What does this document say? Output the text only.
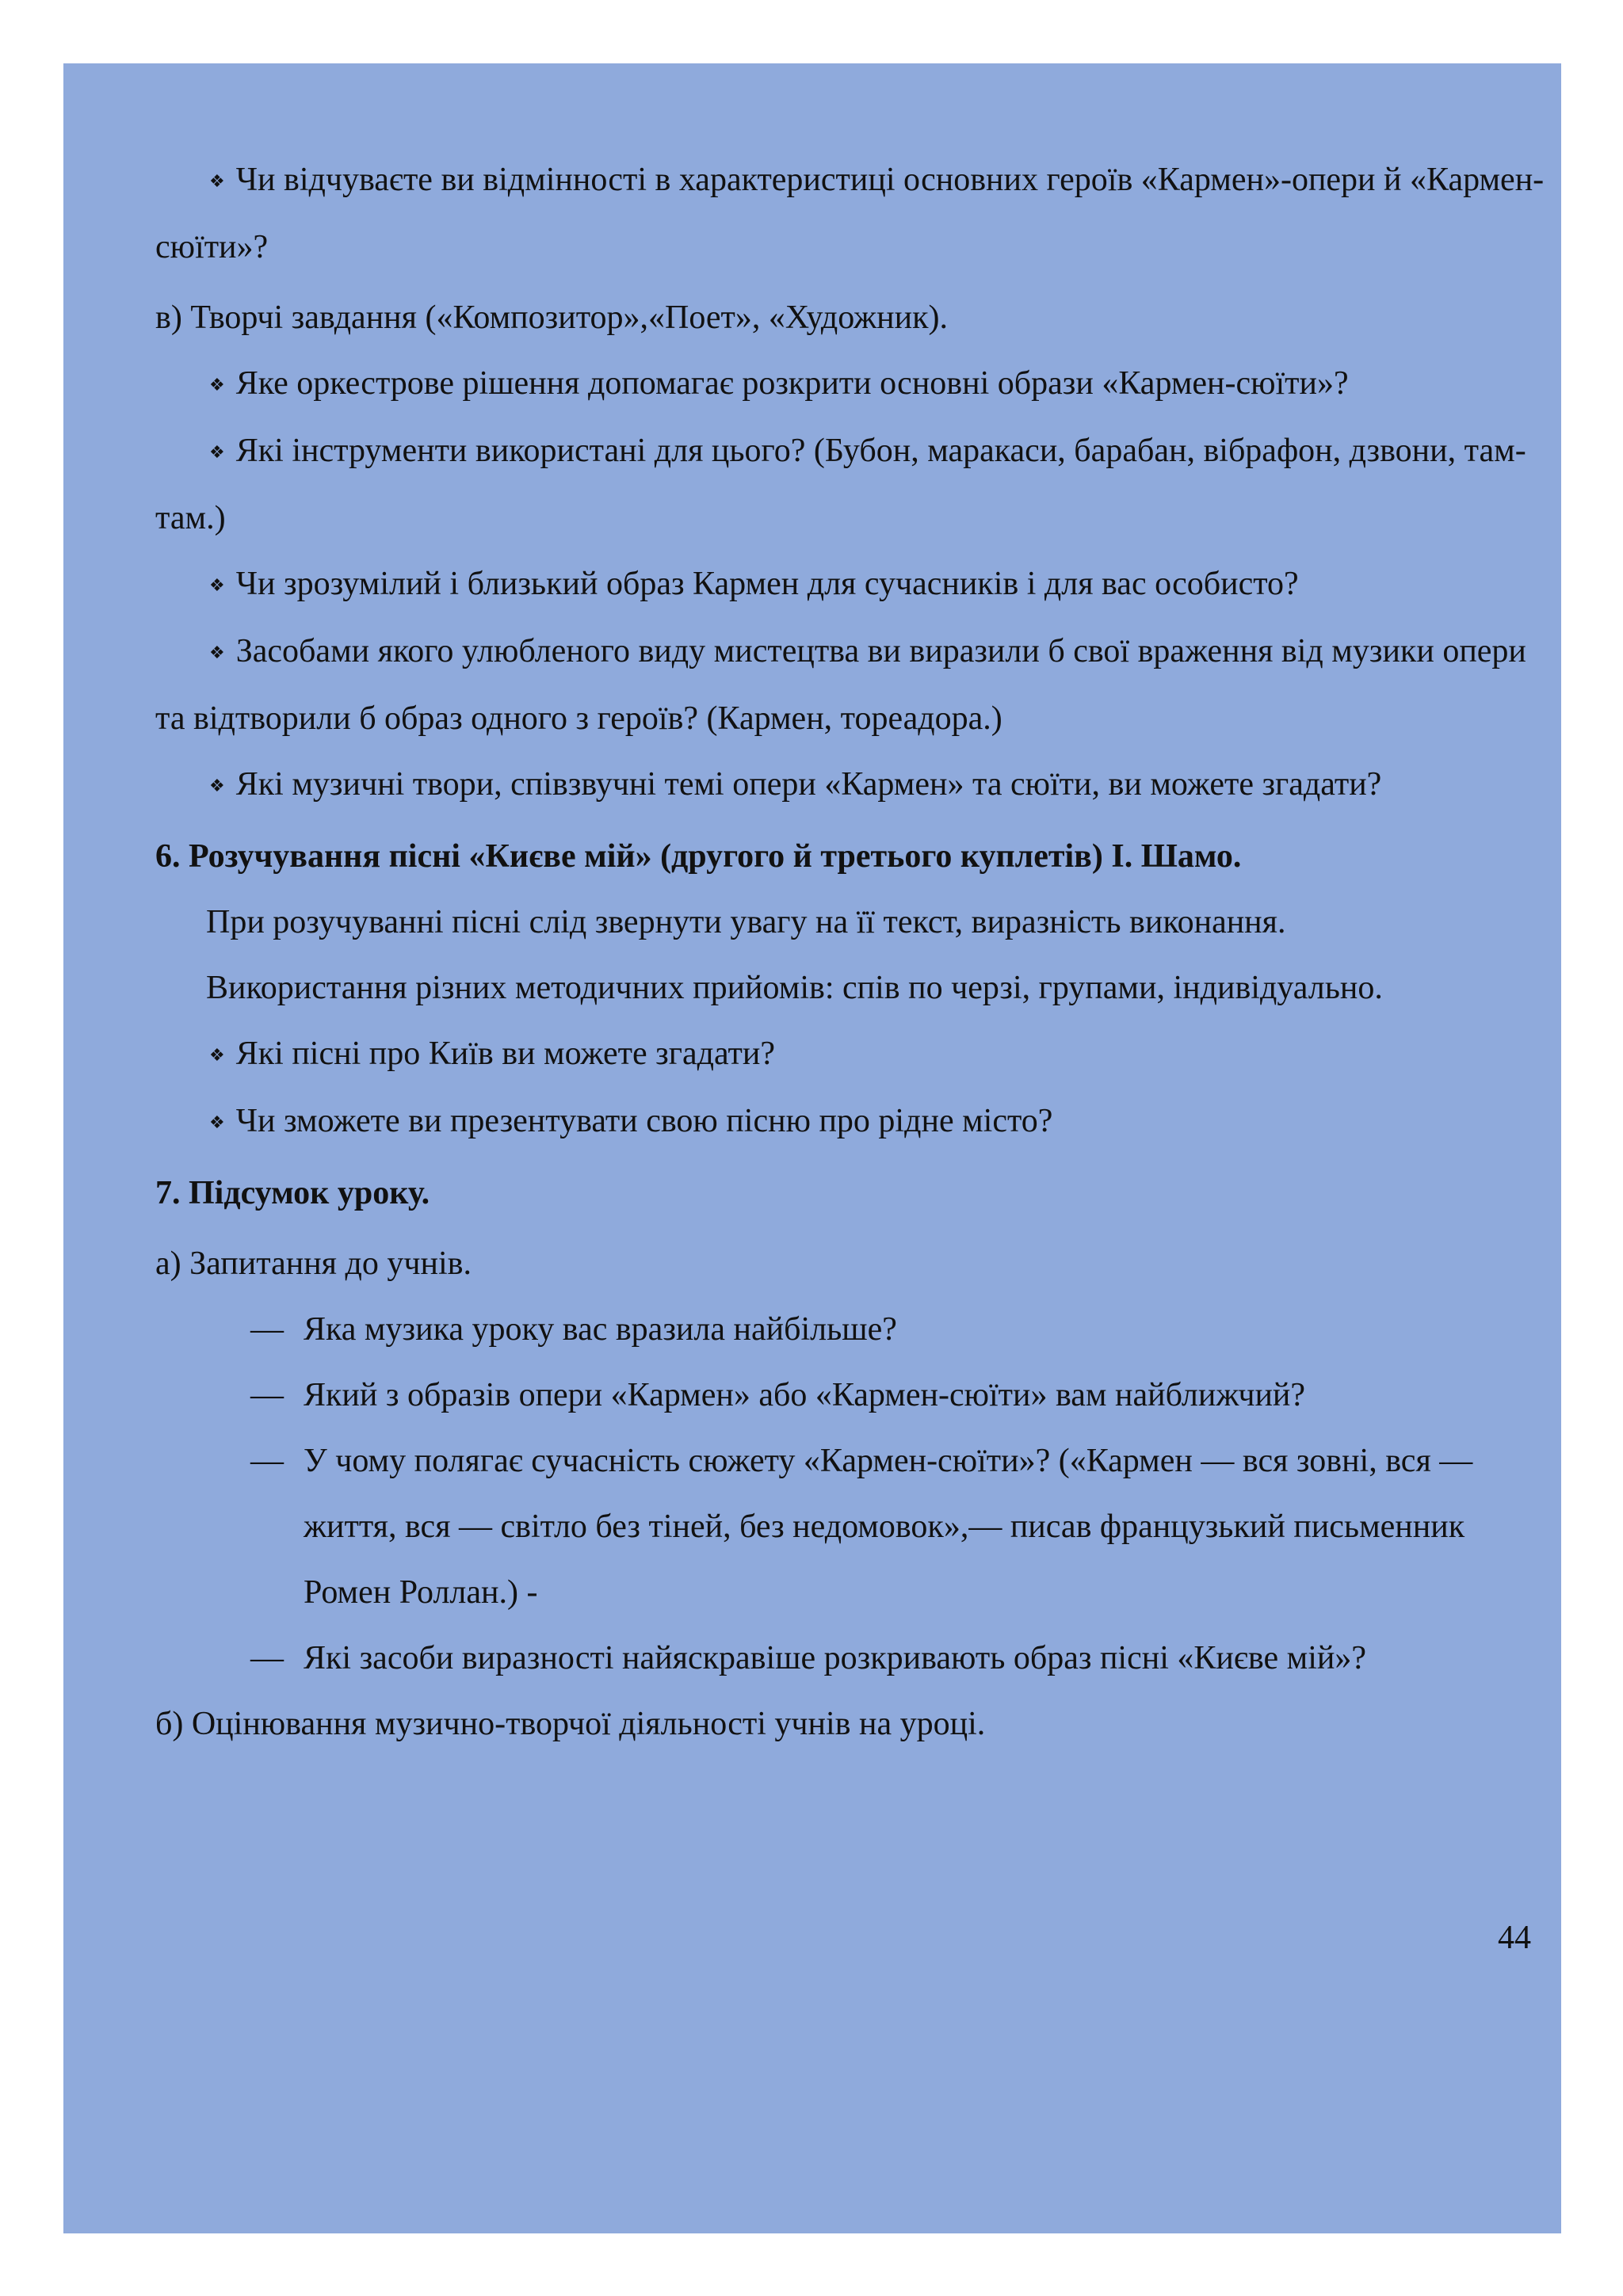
❖ Чи відчуваєте ви відмінності в характеристиці основних героїв «Кармен»-опери й «Кармен-сюїти»?

в) Творчі завдання («Композитор»,«Поет», «Художник).

❖ Яке оркестрове рішення допомагає розкрити основні образи «Кармен-сюїти»?

❖ Які інструменти використані для цього? (Бубон, маракаси, барабан, вібрафон, дзвони, там-там.)

❖ Чи зрозумілий і близький образ Кармен для сучасників і для вас особисто?

❖ Засобами якого улюбленого виду мистецтва ви виразили б свої враження від музики опери та відтворили б образ одного з героїв? (Кармен, тореадора.)

❖ Які музичні твори, співзвучні темі опери «Кармен» та сюїти, ви можете згадати?

6. Розучування пісні «Києве мій» (другого й третього куплетів) І. Шамо.

При розучуванні пісні слід звернути увагу на її текст, виразність виконання.

Використання різних методичних прийомів: спів по черзі, групами, індивідуально.

❖ Які пісні про Київ ви можете згадати?

❖ Чи зможете ви презентувати свою пісню про рідне місто?

7. Підсумок уроку.

а) Запитання до учнів.

— Яка музика уроку вас вразила найбільше?

— Який з образів опери «Кармен» або «Кармен-сюїти» вам найближчий?

— У чому полягає сучасність сюжету «Кармен-сюїти»? («Кармен — вся зовні, вся — життя, вся — світло без тіней, без недомовок»,— писав французький письменник Ромен Роллан.) -

— Які засоби виразності найяскравіше розкривають образ пісні «Києве мій»?

б) Оцінювання музично-творчої діяльності учнів на уроці.

44
